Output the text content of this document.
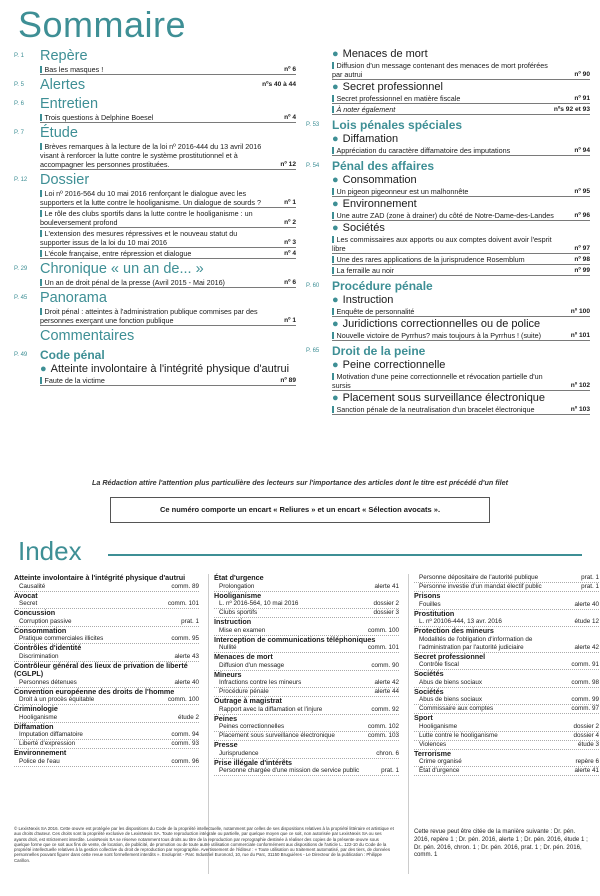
Sommaire
P. 1 Repère
Bas les masques !	nº 6
P. 5 Alertes	nºs 40 à 44
P. 6 Entretien
Trois questions à Delphine Boesel	nº 4
P. 7 Étude
Brèves remarques à la lecture de la loi nº 2016-444 du 13 avril 2016 visant à renforcer la lutte contre le système prostitutionnel et à accompagner les personnes prostituées.	nº 12
P. 12 Dossier
Loi nº 2016-564 du 10 mai 2016 renforçant le dialogue avec les supporters et la lutte contre le hooliganisme. Un dialogue de sourds ?	nº 1
Le rôle des clubs sportifs dans la lutte contre le hooliganisme : un bouleversement profond	nº 2
L'extension des mesures répressives et le nouveau statut du supporter issus de la loi du 10 mai 2016	nº 3
L'école française, entre répression et dialogue	nº 4
P. 29 Chronique « un an de... »
Un an de droit pénal de la presse (Avril 2015 - Mai 2016)	nº 6
P. 45 Panorama
Droit pénal : atteintes à l'administration publique commises par des personnes exerçant une fonction publique	nº 1
Commentaires
P. 49 Code pénal
● Atteinte involontaire à l'intégrité physique d'autrui
Faute de la victime	nº 89
● Menaces de mort
Diffusion d'un message contenant des menaces de mort proférées par autrui	nº 90
● Secret professionnel
Secret professionnel en matière fiscale	nº 91
À noter également	nºs 92 et 93
P. 53 Lois pénales spéciales
● Diffamation
Appréciation du caractère diffamatoire des imputations	nº 94
P. 54 Pénal des affaires
● Consommation
Un pigeon pigeonneur est un malhonnête	nº 95
● Environnement
Une autre ZAD (zone à drainer) du côté de Notre-Dame-des-Landes	nº 96
● Sociétés
Les commissaires aux apports ou aux comptes doivent avoir l'esprit libre	nº 97
Une des rares applications de la jurisprudence Rosemblum	nº 98
La ferraille au noir	nº 99
P. 60 Procédure pénale
● Instruction
Enquête de personnalité	nº 100
● Juridictions correctionnelles ou de police
Nouvelle victoire de Pyrrhus? mais toujours à la Pyrrhus ! (suite)	nº 101
P. 65 Droit de la peine
● Peine correctionnelle
Motivation d'une peine correctionnelle et révocation partielle d'un sursis	nº 102
● Placement sous surveillance électronique
Sanction pénale de la neutralisation d'un bracelet électronique	nº 103
La Rédaction attire l'attention plus particulière des lecteurs sur l'importance des articles dont le titre est précédé d'un filet
Ce numéro comporte un encart « Reliures » et un encart « Sélection avocats ».
Index
Atteinte involontaire à l'intégrité physique d'autrui
Causalité	comm. 89
Avocat
Secret	comm. 101
Concussion
Corruption passive	prat. 1
Consommation
Pratique commerciales illicites	comm. 95
Contrôles d'identité
Discrimination	alerte 43
Contrôleur général des lieux de privation de liberté (CGLPL)
Personnes détenues	alerte 40
Convention européenne des droits de l'homme
Droit à un procès équitable	comm. 100
Criminologie
Hooliganisme	étude 2
Diffamation
Imputation diffamatoire	comm. 94
Liberté d'expression	comm. 93
Environnement
Police de l'eau	comm. 96
État d'urgence
Prolongation	alerte 41
Hooliganisme
L. nº 2016-564, 10 mai 2016	dossier 2
Clubs sportifs	dossier 3
Instruction
Mise en examen	comm. 100
Interception de communications téléphoniques
Nullité	comm. 101
Menaces de mort
Diffusion d'un message	comm. 90
Mineurs
Infractions contre les mineurs	alerte 42
Procédure pénale	alerte 44
Outrage à magistrat
Rapport avec la diffamation et l'injure	comm. 92
Peines
Peines correctionnelles	comm. 102
Placement sous surveillance électronique	comm. 103
Presse
Jurisprudence	chron. 6
Prise illégale d'intérêts
Personne chargée d'une mission de service public	prat. 1
Personne dépositaire de l'autorité publique	prat. 1
Personne investie d'un mandat électif public	prat. 1
Prisons
Fouilles	alerte 40
Prostitution
L. nº 20106-444, 13 avr. 2016	étude 12
Protection des mineurs
Modalités de l'obligation d'information de l'administration par l'autorité judiciaire	alerte 42
Secret professionnel
Contrôle fiscal	comm. 91
Sociétés
Abus de biens sociaux	comm. 98
Sociétés
Abus de biens sociaux	comm. 99
Commissaire aux comptes	comm. 97
Sport
Hooliganisme	dossier 2
Lutte contre le hooliganisme	dossier 4
Violences	étude 3
Terrorisme
Crime organisé	repère 6
État d'urgence	alerte 41
© LexisNexis SA 2016. Cette œuvre est protégée par les dispositions du Code de la propriété intellectuelle, notamment par celles de ses dispositions relatives à la propriété littéraire et artistique et aux droits d'auteur. Ces droits sont la propriété exclusive de LexisNexis SA. Toute reproduction intégrale ou partielle, par quelque moyen que ce soit, non autorisée par LexisNexis SA ou ses ayants droit, est strictement interdite. LexisNexis SA se réserve notamment tous droits au titre de la reproduction par reprographie destinée à réaliser des copies de la présente œuvre sous quelque forme que ce soit aux fins de vente, de location, de publicité, de promotion ou de toute autre utilisation commerciale conformément aux dispositions de l'article L. 122-10 du Code de la propriété intellectuelle relatives à la gestion collective du droit de reproduction par reprographie. Avertissement de l'éditeur : « Toute utilisation ou traitement automatisé, par des tiers, de données personnelles pouvant figurer dans cette revue sont formellement interdits ». Evoluprint - Parc Industriel Euronord, 10, rue du Parc, 31150 Bruguières - Le Directeur de la publication : Philippe Carillon.
Cette revue peut être citée de la manière suivante : Dr. pén. 2016, repère 1 ; Dr. pén. 2016, alerte 1 ; Dr. pén. 2016, étude 1 ; Dr. pén. 2016, chron. 1 ; Dr. pén. 2016, prat. 1 ; Dr. pén. 2016, comm. 1
